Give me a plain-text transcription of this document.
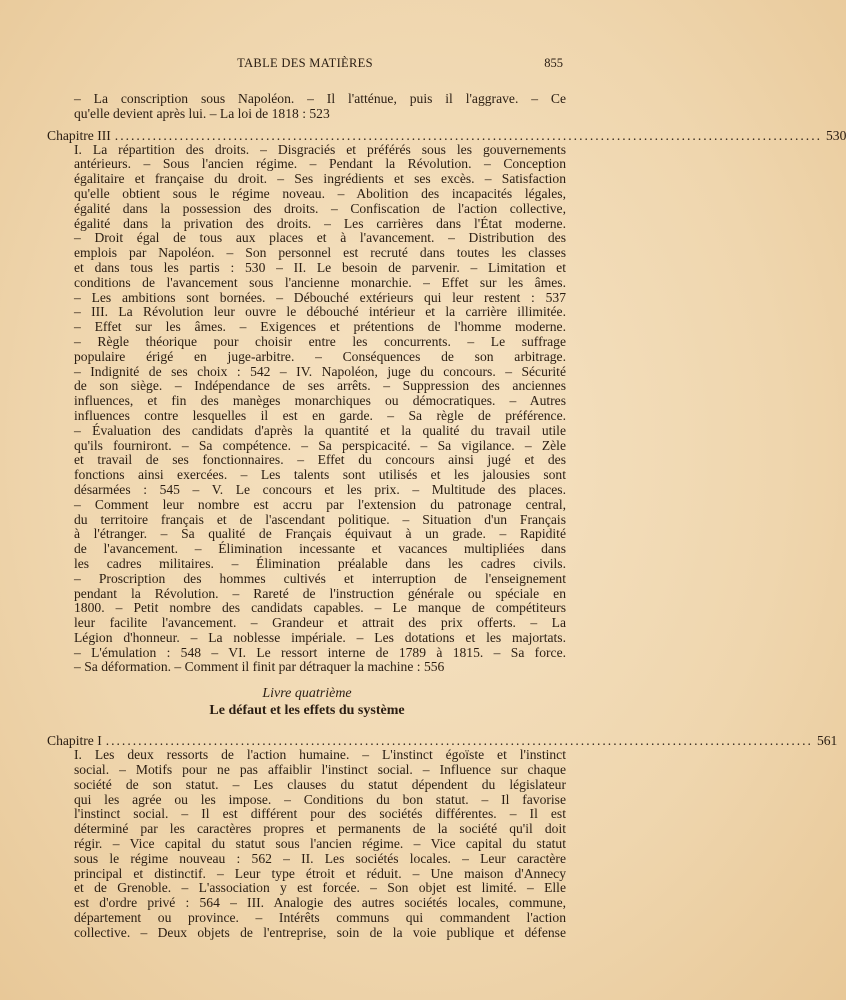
TABLE DES MATIÈRES	855
– La conscription sous Napoléon. – Il l'atténue, puis il l'aggrave. – Ce
qu'elle devient après lui. – La loi de 1818 : 523
Chapitre III ................................................................................................................................... 530
I. La répartition des droits. – Disgraciés et préférés sous les gouvernements
antérieurs. – Sous l'ancien régime. – Pendant la Révolution. – Conception
égalitaire et française du droit. – Ses ingrédients et ses excès. – Satisfaction
qu'elle obtient sous le régime noveau. – Abolition des incapacités légales,
égalité dans la possession des droits. – Confiscation de l'action collective,
égalité dans la privation des droits. – Les carrières dans l'État moderne.
– Droit égal de tous aux places et à l'avancement. – Distribution des
emplois par Napoléon. – Son personnel est recruté dans toutes les classes
et dans tous les partis : 530 – II. Le besoin de parvenir. – Limitation et
conditions de l'avancement sous l'ancienne monarchie. – Effet sur les âmes.
– Les ambitions sont bornées. – Débouché extérieurs qui leur restent : 537
– III. La Révolution leur ouvre le débouché intérieur et la carrière illimitée.
– Effet sur les âmes. – Exigences et prétentions de l'homme moderne.
– Règle théorique pour choisir entre les concurrents. – Le suffrage
populaire érigé en juge-arbitre. – Conséquences de son arbitrage.
– Indignité de ses choix : 542 – IV. Napoléon, juge du concours. – Sécurité
de son siège. – Indépendance de ses arrêts. – Suppression des anciennes
influences, et fin des manèges monarchiques ou démocratiques. – Autres
influences contre lesquelles il est en garde. – Sa règle de préférence.
– Évaluation des candidats d'après la quantité et la qualité du travail utile
qu'ils fourniront. – Sa compétence. – Sa perspicacité. – Sa vigilance. – Zèle
et travail de ses fonctionnaires. – Effet du concours ainsi jugé et des
fonctions ainsi exercées. – Les talents sont utilisés et les jalousies sont
désarmées : 545 – V. Le concours et les prix. – Multitude des places.
– Comment leur nombre est accru par l'extension du patronage central,
du territoire français et de l'ascendant politique. – Situation d'un Français
à l'étranger. – Sa qualité de Français équivaut à un grade. – Rapidité
de l'avancement. – Élimination incessante et vacances multipliées dans
les cadres militaires. – Élimination préalable dans les cadres civils.
– Proscription des hommes cultivés et interruption de l'enseignement
pendant la Révolution. – Rareté de l'instruction générale ou spéciale en
1800. – Petit nombre des candidats capables. – Le manque de compétiteurs
leur facilite l'avancement. – Grandeur et attrait des prix offerts. – La
Légion d'honneur. – La noblesse impériale. – Les dotations et les majortats.
– L'émulation : 548 – VI. Le ressort interne de 1789 à 1815. – Sa force.
– Sa déformation. – Comment il finit par détraquer la machine : 556
Livre quatrième
Le défaut et les effets du système
Chapitre I ................................................................................................................................... 561
I. Les deux ressorts de l'action humaine. – L'instinct égoïste et l'instinct
social. – Motifs pour ne pas affaiblir l'instinct social. – Influence sur chaque
société de son statut. – Les clauses du statut dépendent du législateur
qui les agrée ou les impose. – Conditions du bon statut. – Il favorise
l'instinct social. – Il est différent pour des sociétés différentes. – Il est
déterminé par les caractères propres et permanents de la société qu'il doit
régir. – Vice capital du statut sous l'ancien régime. – Vice capital du statut
sous le régime nouveau : 562 – II. Les sociétés locales. – Leur caractère
principal et distinctif. – Leur type étroit et réduit. – Une maison d'Annecy
et de Grenoble. – L'association y est forcée. – Son objet est limité. – Elle
est d'ordre privé : 564 – III. Analogie des autres sociétés locales, commune,
département ou province. – Intérêts communs qui commandent l'action
collective. – Deux objets de l'entreprise, soin de la voie publique et défense
